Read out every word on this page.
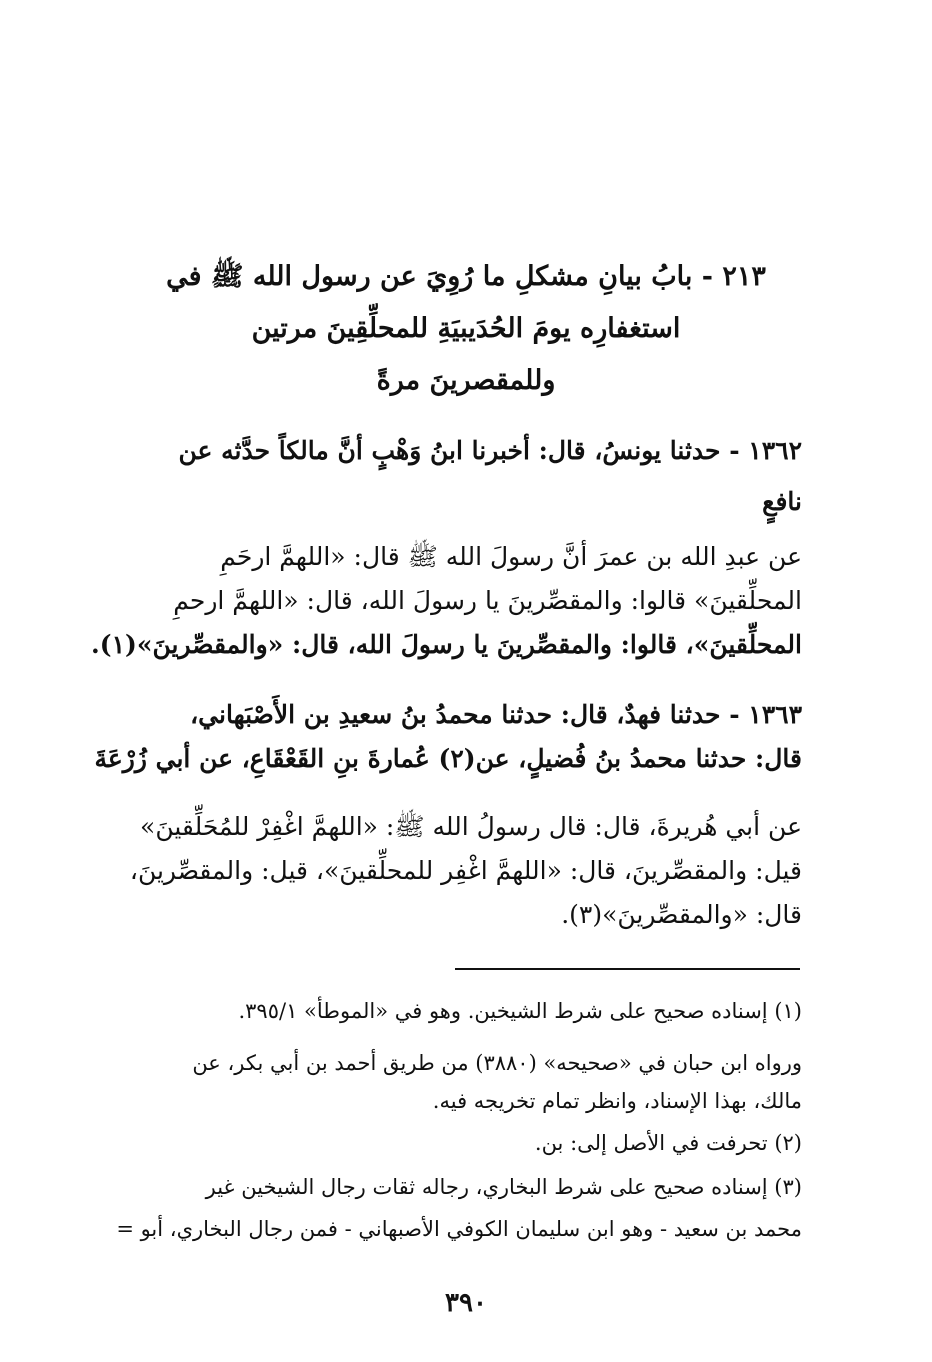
٢١٣ - بابُ بيانِ مشكلِ ما رُوِيَ عن رسول الله ﷺ في
استغفارِه يومَ الحُدَيبيَةِ للمحلِّقِينَ مرتين
وللمقصرينَ مرةً
١٣٦٢ - حدثنا يونسُ، قال: أخبرنا ابنُ وَهْبٍ أنَّ مالكاً حدَّثه عن
نافعٍ
عن عبدِ الله بن عمرَ أنَّ رسولَ الله ﷺ قال: «اللهمَّ ارحَمِ
المحلِّقينَ» قالوا: والمقصِّرينَ يا رسولَ الله، قال: «اللهمَّ ارحمِ
المحلِّقينَ»، قالوا: والمقصِّرينَ يا رسولَ الله، قال: «والمقصِّرينَ»(١).
١٣٦٣ - حدثنا فهدٌ، قال: حدثنا محمدُ بنُ سعيدِ بن الأَصْبَهاني،
قال: حدثنا محمدُ بنُ فُضيلٍ، عن(٢) عُمارةَ بنِ القَعْقَاعِ، عن أبي زُرْعَةَ
عن أبي هُريرةَ، قال: قال رسولُ الله ﷺ: «اللهمَّ اغْفِرْ للمُحَلِّقينَ»
قيل: والمقصِّرينَ، قال: «اللهمَّ اغْفِر للمحلِّقينَ»، قيل: والمقصِّرينَ،
قال: «والمقصِّرينَ»(٣).
(١) إسناده صحيح على شرط الشيخين. وهو في «الموطأ» ٣٩٥/١.
ورواه ابن حبان في «صحيحه» (٣٨٨٠) من طريق أحمد بن أبي بكر، عن
مالك، بهذا الإسناد، وانظر تمام تخريجه فيه.
(٢) تحرفت في الأصل إلى: بن.
(٣) إسناده صحيح على شرط البخاري، رجاله ثقات رجال الشيخين غير
محمد بن سعيد - وهو ابن سليمان الكوفي الأصبهاني - فمن رجال البخاري، أبو =
٣٩٠
